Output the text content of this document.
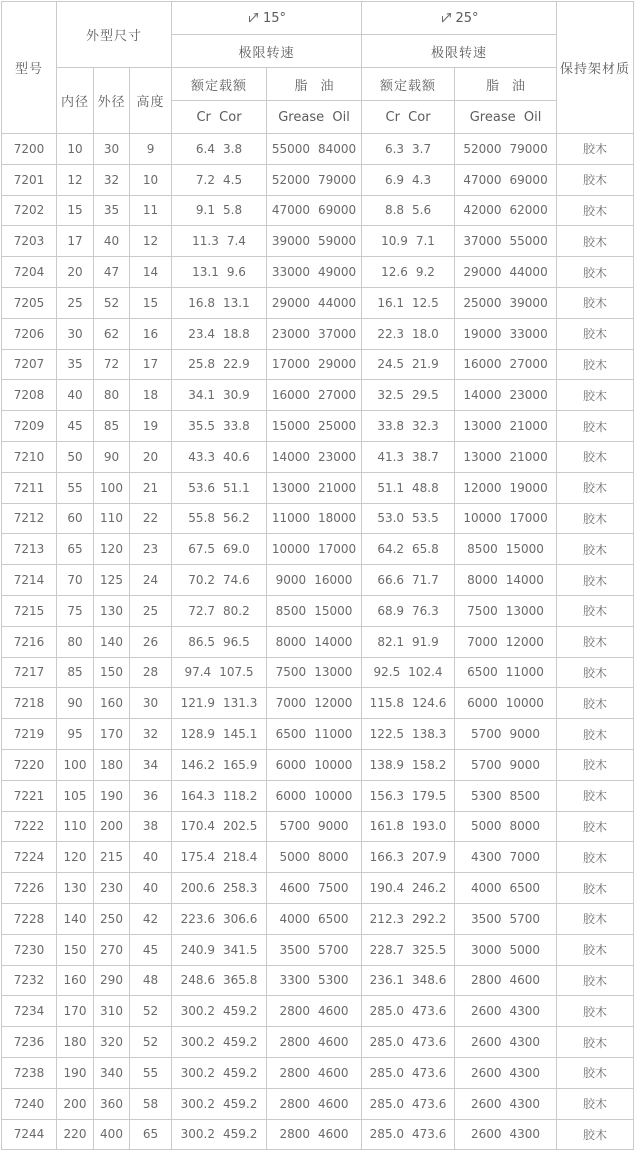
型号	外型尺寸			15°		25°		保持架材质
				极限转速		极限转速		
	内径	外径	高度	额定载额	脂　油	额定载额	脂　油	
				Cr  Cor	Grease  Oil	Cr  Cor	Grease  Oil	
7200	10	30	9	6.4 3.8	55000 84000	6.3 3.7	52000 79000	胶木
7201	12	32	10	7.2 4.5	52000 79000	6.9 4.3	47000 69000	胶木
7202	15	35	11	9.1 5.8	47000 69000	8.8 5.6	42000 62000	胶木
7203	17	40	12	11.3 7.4	39000 59000	10.9 7.1	37000 55000	胶木
7204	20	47	14	13.1 9.6	33000 49000	12.6 9.2	29000 44000	胶木
7205	25	52	15	16.8 13.1	29000 44000	16.1 12.5	25000 39000	胶木
7206	30	62	16	23.4 18.8	23000 37000	22.3 18.0	19000 33000	胶木
7207	35	72	17	25.8 22.9	17000 29000	24.5 21.9	16000 27000	胶木
7208	40	80	18	34.1 30.9	16000 27000	32.5 29.5	14000 23000	胶木
7209	45	85	19	35.5 33.8	15000 25000	33.8 32.3	13000 21000	胶木
7210	50	90	20	43.3 40.6	14000 23000	41.3 38.7	13000 21000	胶木
7211	55	100	21	53.6 51.1	13000 21000	51.1 48.8	12000 19000	胶木
7212	60	110	22	55.8 56.2	11000 18000	53.0 53.5	10000 17000	胶木
7213	65	120	23	67.5 69.0	10000 17000	64.2 65.8	8500 15000	胶木
7214	70	125	24	70.2 74.6	9000 16000	66.6 71.7	8000 14000	胶木
7215	75	130	25	72.7 80.2	8500 15000	68.9 76.3	7500 13000	胶木
7216	80	140	26	86.5 96.5	8000 14000	82.1 91.9	7000 12000	胶木
7217	85	150	28	97.4 107.5	7500 13000	92.5 102.4	6500 11000	胶木
7218	90	160	30	121.9 131.3	7000 12000	115.8 124.6	6000 10000	胶木
7219	95	170	32	128.9 145.1	6500 11000	122.5 138.3	5700 9000	胶木
7220	100	180	34	146.2 165.9	6000 10000	138.9 158.2	5700 9000	胶木
7221	105	190	36	164.3 118.2	6000 10000	156.3 179.5	5300 8500	胶木
7222	110	200	38	170.4 202.5	5700 9000	161.8 193.0	5000 8000	胶木
7224	120	215	40	175.4 218.4	5000 8000	166.3 207.9	4300 7000	胶木
7226	130	230	40	200.6 258.3	4600 7500	190.4 246.2	4000 6500	胶木
7228	140	250	42	223.6 306.6	4000 6500	212.3 292.2	3500 5700	胶木
7230	150	270	45	240.9 341.5	3500 5700	228.7 325.5	3000 5000	胶木
7232	160	290	48	248.6 365.8	3300 5300	236.1 348.6	2800 4600	胶木
7234	170	310	52	300.2 459.2	2800 4600	285.0 473.6	2600 4300	胶木
7236	180	320	52	300.2 459.2	2800 4600	285.0 473.6	2600 4300	胶木
7238	190	340	55	300.2 459.2	2800 4600	285.0 473.6	2600 4300	胶木
7240	200	360	58	300.2 459.2	2800 4600	285.0 473.6	2600 4300	胶木
7244	220	400	65	300.2 459.2	2800 4600	285.0 473.6	2600 4300	胶木
